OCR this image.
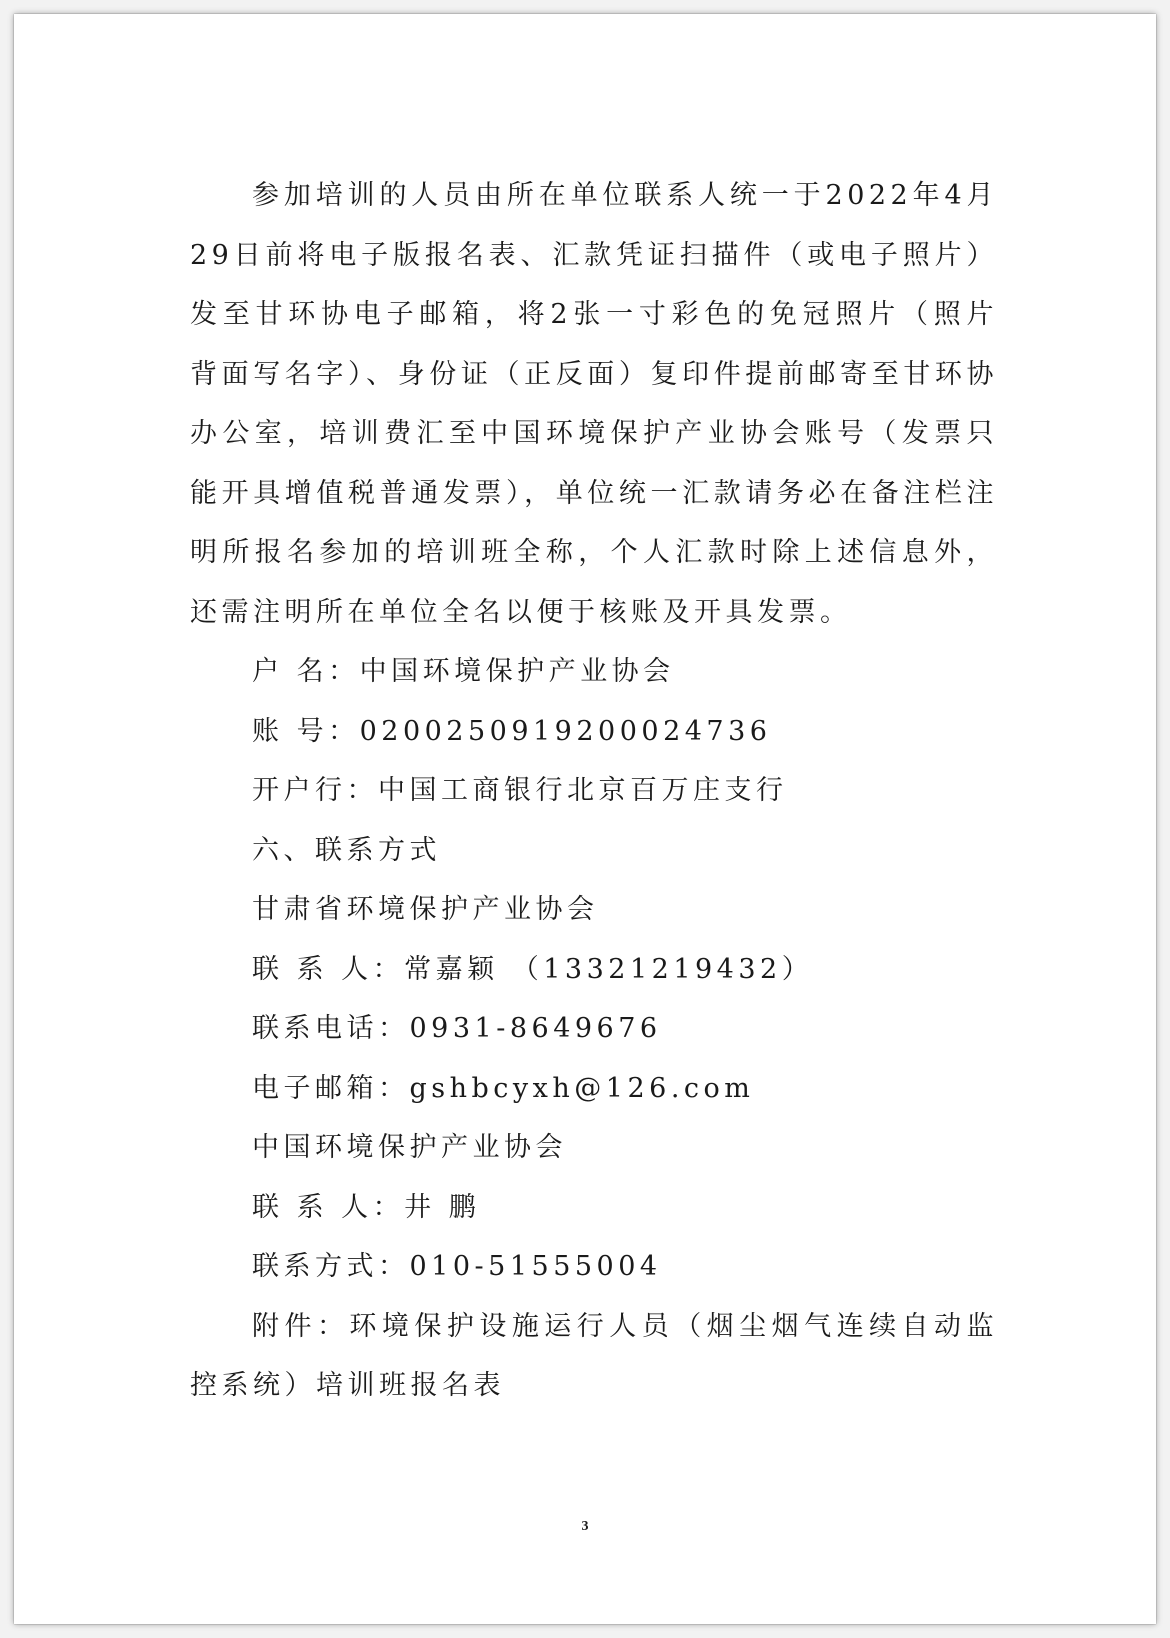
参加培训的人员由所在单位联系人统一于2022年4月29日前将电子版报名表、汇款凭证扫描件（或电子照片）发至甘环协电子邮箱，将2张一寸彩色的免冠照片（照片背面写名字）、身份证（正反面）复印件提前邮寄至甘环协办公室，培训费汇至中国环境保护产业协会账号（发票只能开具增值税普通发票），单位统一汇款请务必在备注栏注明所报名参加的培训班全称，个人汇款时除上述信息外，还需注明所在单位全名以便于核账及开具发票。

户 名：中国环境保护产业协会

账 号：0200250919200024736

开户行：中国工商银行北京百万庄支行

六、联系方式

甘肃省环境保护产业协会

联 系 人：常嘉颖 （13321219432）

联系电话：0931-8649676

电子邮箱：gshbcyxh@126.com

中国环境保护产业协会

联 系 人：井 鹏

联系方式：010-51555004

附件：环境保护设施运行人员（烟尘烟气连续自动监控系统）培训班报名表

3
